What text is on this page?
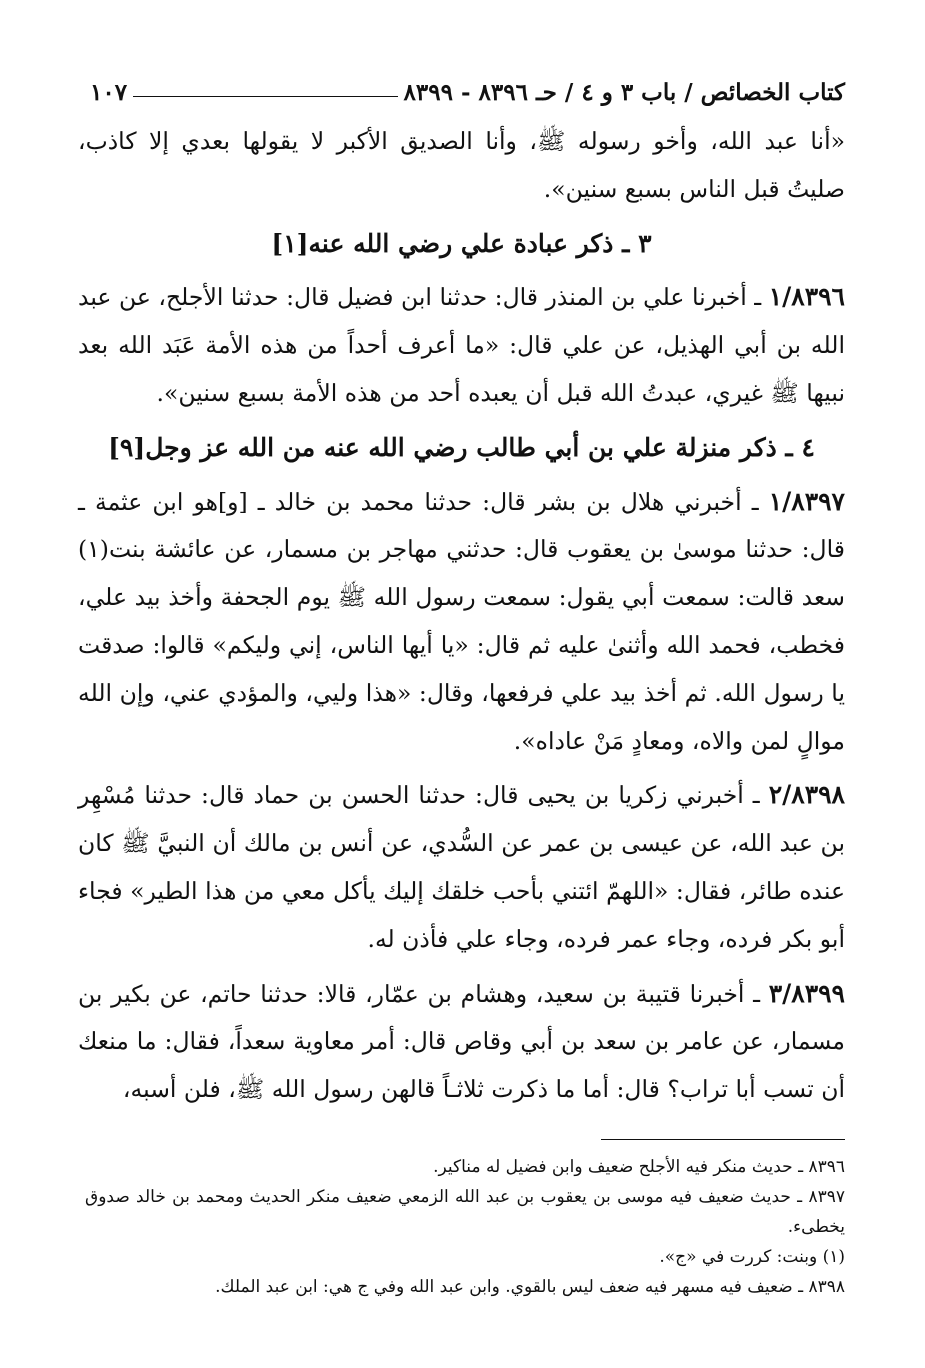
كتاب الخصائص / باب ٣ و ٤ / حـ ٨٣٩٦ - ٨٣٩٩
١٠٧

«أنا عبد الله، وأخو رسوله ﷺ، وأنا الصديق الأكبر لا يقولها بعدي إلا كاذب، صليتُ قبل الناس بسبع سنين».

٣ ـ ذكر عبادة علي رضي الله عنه[١]

١/٨٣٩٦ ـ أخبرنا علي بن المنذر قال: حدثنا ابن فضيل قال: حدثنا الأجلح، عن عبد الله بن أبي الهذيل، عن علي قال: «ما أعرف أحداً من هذه الأمة عَبَد الله بعد نبيها ﷺ غيري، عبدتُ الله قبل أن يعبده أحد من هذه الأمة بسبع سنين».

٤ ـ ذكر منزلة علي بن أبي طالب رضي الله عنه من الله عز وجل[٩]

١/٨٣٩٧ ـ أخبرني هلال بن بشر قال: حدثنا محمد بن خالد ـ [و]هو ابن عثمة ـ قال: حدثنا موسىٰ بن يعقوب قال: حدثني مهاجر بن مسمار، عن عائشة بنت(١) سعد قالت: سمعت أبي يقول: سمعت رسول الله ﷺ يوم الجحفة وأخذ بيد علي، فخطب، فحمد الله وأثنىٰ عليه ثم قال: «يا أيها الناس، إني وليكم» قالوا: صدقت يا رسول الله. ثم أخذ بيد علي فرفعها، وقال: «هذا وليي، والمؤدي عني، وإن الله موالٍ لمن والاه، ومعادٍ مَنْ عاداه».

٢/٨٣٩٨ ـ أخبرني زكريا بن يحيى قال: حدثنا الحسن بن حماد قال: حدثنا مُسْهِر بن عبد الله، عن عيسى بن عمر عن السُّدي، عن أنس بن مالك أن النبيَّ ﷺ كان عنده طائر، فقال: «اللهمّ ائتني بأحب خلقك إليك يأكل معي من هذا الطير» فجاء أبو بكر فرده، وجاء عمر فرده، وجاء علي فأذن له.

٣/٨٣٩٩ ـ أخبرنا قتيبة بن سعيد، وهشام بن عمّار، قالا: حدثنا حاتم، عن بكير بن مسمار، عن عامر بن سعد بن أبي وقاص قال: أمر معاوية سعداً، فقال: ما منعك أن تسب أبا تراب؟ قال: أما ما ذكرت ثلاثـاً قالهن رسول الله ﷺ، فلن أسبه،

٨٣٩٦ ـ حديث منكر فيه الأجلح ضعيف وابن فضيل له مناكير.

٨٣٩٧ ـ حديث ضعيف فيه موسى بن يعقوب بن عبد الله الزمعي ضعيف منكر الحديث ومحمد بن خالد صدوق يخطىء.

(١) وبنت: كررت في «ج».

٨٣٩٨ ـ ضعيف فيه مسهر فيه ضعف ليس بالقوي. وابن عبد الله وفي ج هي: ابن عبد الملك.
